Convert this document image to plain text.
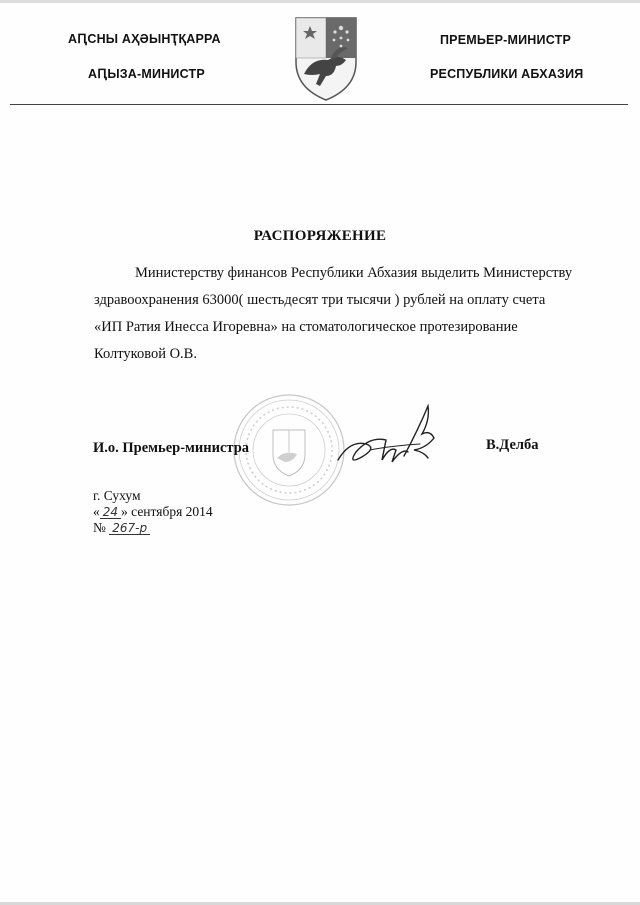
АԤСНЫ АҲӘЫНҬҚАРРА
АԤЫЗА-МИНИСТР
ПРЕМЬЕР-МИНИСТР
РЕСПУБЛИКИ АБХАЗИЯ
РАСПОРЯЖЕНИЕ
Министерству финансов Республики Абхазия выделить Министерству
здравоохранения 63000( шестьдесят три тысячи ) рублей на оплату счета
«ИП Ратия Инесса Игоревна» на стоматологическое протезирование
Колтуковой О.В.
И.о. Премьер-министра	В.Делба
г. Сухум
« 24 » сентября 2014
№ 267-р
